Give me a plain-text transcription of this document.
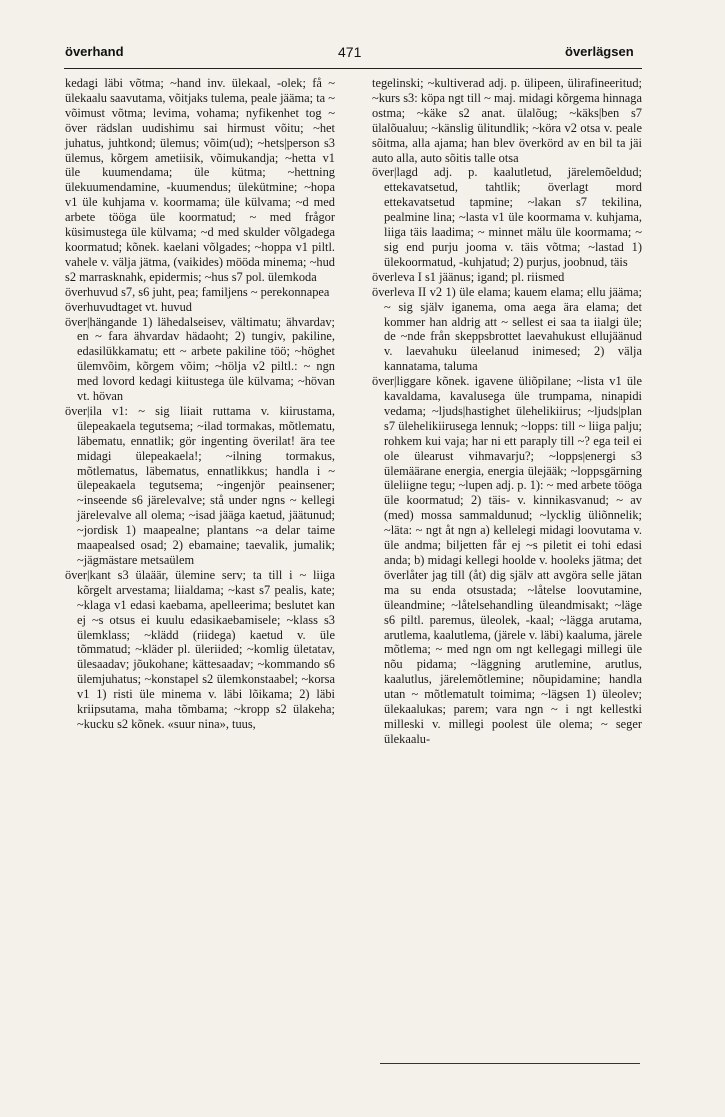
överhand	471	överlägsen

kedagi läbi võtma; ~hand inv. ülekaal, -olek; få ~ ülekaalu saavutama, võitjaks tulema, peale jääma; ta ~ võimust võtma; levima, vohama; nyfikenhet tog ~ över rädslan uudishimu sai hirmust võitu; ~het juhatus, juhtkond; ülemus; võim(ud); ~hets|person s3 ülemus, kõrgem ametiisik, võimukandja; ~hetta v1 üle kuumendama; üle kütma; ~hettning ülekuumendamine, -kuumendus; ülekütmine; ~hopa v1 üle kuhjama v. koormama; üle külvama; ~d med arbete tööga üle koormatud; ~ med frågor küsimustega üle külvama; ~d med skulder võlgadega koormatud; kõnek. kaelani võlgades; ~hoppa v1 piltl. vahele v. välja jätma, (vaikides) mööda minema; ~hud s2 marrasknahk, epidermis; ~hus s7 pol. ülemkoda

överhuvud s7, s6 juht, pea; familjens ~ perekonnapea

överhuvudtaget vt. huvud

över|hängande 1) lähedalseisev, vältimatu; ähvardav; en ~ fara ähvardav hädaoht; 2) tungiv, pakiline, edasilükkamatu; ett ~ arbete pakiline töö; ~höghet ülemvõim, kõrgem võim; ~hölja v2 piltl.: ~ ngn med lovord kedagi kiitustega üle külvama; ~hövan vt. hövan

över|ila v1: ~ sig liiait ruttama v. kiirustama, ülepeakaela tegutsema; ~ilad tormakas, mõtlematu, läbematu, ennatlik; gör ingenting överilat! ära tee midagi ülepeakaela!; ~ilning tormakus, mõtlematus, läbematus, ennatlikkus; handla i ~ ülepeakaela tegutsema; ~ingenjör peainsener; ~inseende s6 järelevalve; stå under ngns ~ kellegi järelevalve all olema; ~isad jääga kaetud, jäätunud; ~jordisk 1) maapealne; plantans ~a delar taime maapealsed osad; 2) ebamaine; taevalik, jumalik; ~jägmästare metsaülem

över|kant s3 ülaäär, ülemine serv; ta till i ~ liiga kõrgelt arvestama; liialdama; ~kast s7 pealis, kate; ~klaga v1 edasi kaebama, apelleerima; beslutet kan ej ~s otsus ei kuulu edasikaebamisele; ~klass s3 ülemklass; ~klädd (riidega) kaetud v. üle tõmmatud; ~kläder pl. üleriided; ~komlig ületatav, ülesaadav; jõukohane; kättesaadav; ~kommando s6 ülemjuhatus; ~konstapel s2 ülemkonstaabel; ~korsa v1 1) risti üle minema v. läbi lõikama; 2) läbi kriipsutama, maha tõmbama; ~kropp s2 ülakeha; ~kucku s2 kõnek. «suur nina», tuus,

tegelinski; ~kultiverad adj. p. ülipeen, ülirafineeritud; ~kurs s3: köpa ngt till ~ maj. midagi kõrgema hinnaga ostma; ~käke s2 anat. ülalõug; ~käks|ben s7 ülalõualuu; ~känslig ülitundlik; ~köra v2 otsa v. peale sõitma, alla ajama; han blev överkörd av en bil ta jäi auto alla, auto sõitis talle otsa

över|lagd adj. p. kaalutletud, järelemõeldud; ettekavatsetud, tahtlik; överlagt mord ettekavatsetud tapmine; ~lakan s7 tekilina, pealmine lina; ~lasta v1 üle koormama v. kuhjama, liiga täis laadima; ~ minnet mälu üle koormama; ~ sig end purju jooma v. täis võtma; ~lastad 1) ülekoormatud, -kuhjatud; 2) purjus, joobnud, täis

överleva I s1 jäänus; igand; pl. riismed

överleva II v2 1) üle elama; kauem elama; ellu jääma; ~ sig själv iganema, oma aega ära elama; det kommer han aldrig att ~ sellest ei saa ta iialgi üle; de ~nde från skeppsbrottet laevahukust ellujäänud v. laevahuku üleelanud inimesed; 2) välja kannatama, taluma

över|liggare kõnek. igavene üliõpilane; ~lista v1 üle kavaldama, kavalusega üle trumpama, ninapidi vedama; ~ljuds|hastighet ülehelikiirus; ~ljuds|plan s7 ülehelikiirusega lennuk; ~lopps: till ~ liiga palju; rohkem kui vaja; har ni ett paraply till ~? ega teil ei ole ülearust vihmavarju?; ~lopps|energi s3 ülemäärane energia, energia ülejääk; ~loppsgärning üleliigne tegu; ~lupen adj. p. 1): ~ med arbete tööga üle koormatud; 2) täis- v. kinnikasvanud; ~ av (med) mossa sammaldunud; ~lycklig üliõnnelik; ~läta: ~ ngt åt ngn a) kellelegi midagi loovutama v. üle andma; biljetten får ej ~s piletit ei tohi edasi anda; b) midagi kellegi hoolde v. hooleks jätma; det överlåter jag till (åt) dig själv att avgöra selle jätan ma su enda otsustada; ~låtelse loovutamine, üleandmine; ~låtelsehandling üleandmisakt; ~läge s6 piltl. paremus, üleolek, -kaal; ~lägga arutama, arutlema, kaalutlema, (järele v. läbi) kaaluma, järele mõtlema; ~ med ngn om ngt kellegagi millegi üle nõu pidama; ~läggning arutlemine, arutlus, kaalutlus, järelemõtlemine; nõupidamine; handla utan ~ mõtlematult toimima; ~lägsen 1) üleolev; ülekaalukas; parem; vara ngn ~ i ngt kellestki milleski v. millegi poolest üle olema; ~ seger ülekaalu-
